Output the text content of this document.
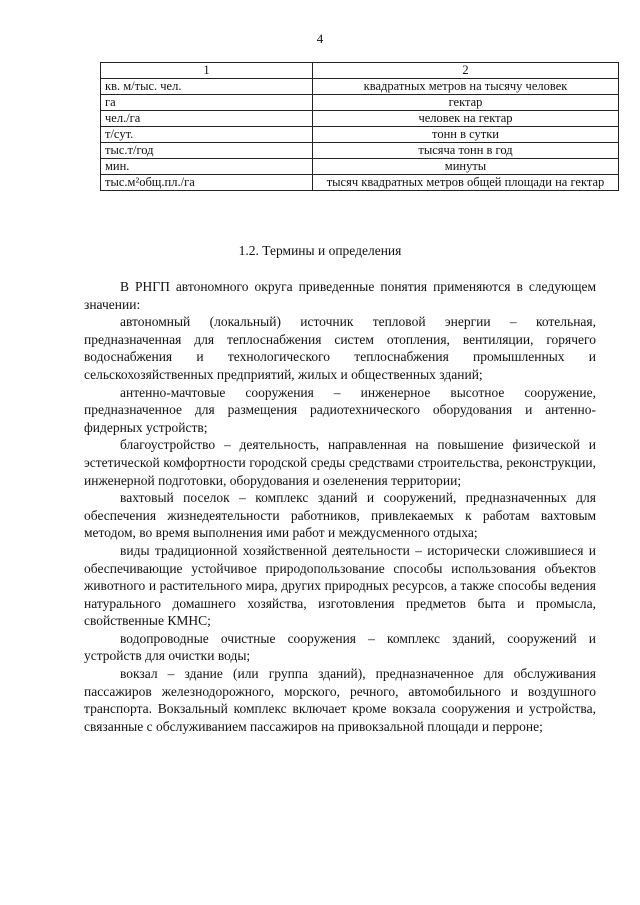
4
1	2
кв. м/тыс. чел.	квадратных метров на тысячу человек
га	гектар
чел./га	человек на гектар
т/сут.	тонн в сутки
тыс.т/год	тысяча тонн в год
мин.	минуты
тыс.м²общ.пл./га	тысяч квадратных метров общей площади на гектар
1.2. Термины и определения

В РНГП автономного округа приведенные понятия применяются в следующем значении:

автономный (локальный) источник тепловой энергии – котельная, предназначенная для теплоснабжения систем отопления, вентиляции, горячего водоснабжения и технологического теплоснабжения промышленных и сельскохозяйственных предприятий, жилых и общественных зданий;

антенно-мачтовые сооружения – инженерное высотное сооружение, предназначенное для размещения радиотехнического оборудования и антенно-фидерных устройств;

благоустройство – деятельность, направленная на повышение физической и эстетической комфортности городской среды средствами строительства, реконструкции, инженерной подготовки, оборудования и озеленения территории;

вахтовый поселок – комплекс зданий и сооружений, предназначенных для обеспечения жизнедеятельности работников, привлекаемых к работам вахтовым методом, во время выполнения ими работ и междусменного отдыха;

виды традиционной хозяйственной деятельности – исторически сложившиеся и обеспечивающие устойчивое природопользование способы использования объектов животного и растительного мира, других природных ресурсов, а также способы ведения натурального домашнего хозяйства, изготовления предметов быта и промысла, свойственные КМНС;

водопроводные очистные сооружения – комплекс зданий, сооружений и устройств для очистки воды;

вокзал – здание (или группа зданий), предназначенное для обслуживания пассажиров железнодорожного, морского, речного, автомобильного и воздушного транспорта. Вокзальный комплекс включает кроме вокзала сооружения и устройства, связанные с обслуживанием пассажиров на привокзальной площади и перроне;
